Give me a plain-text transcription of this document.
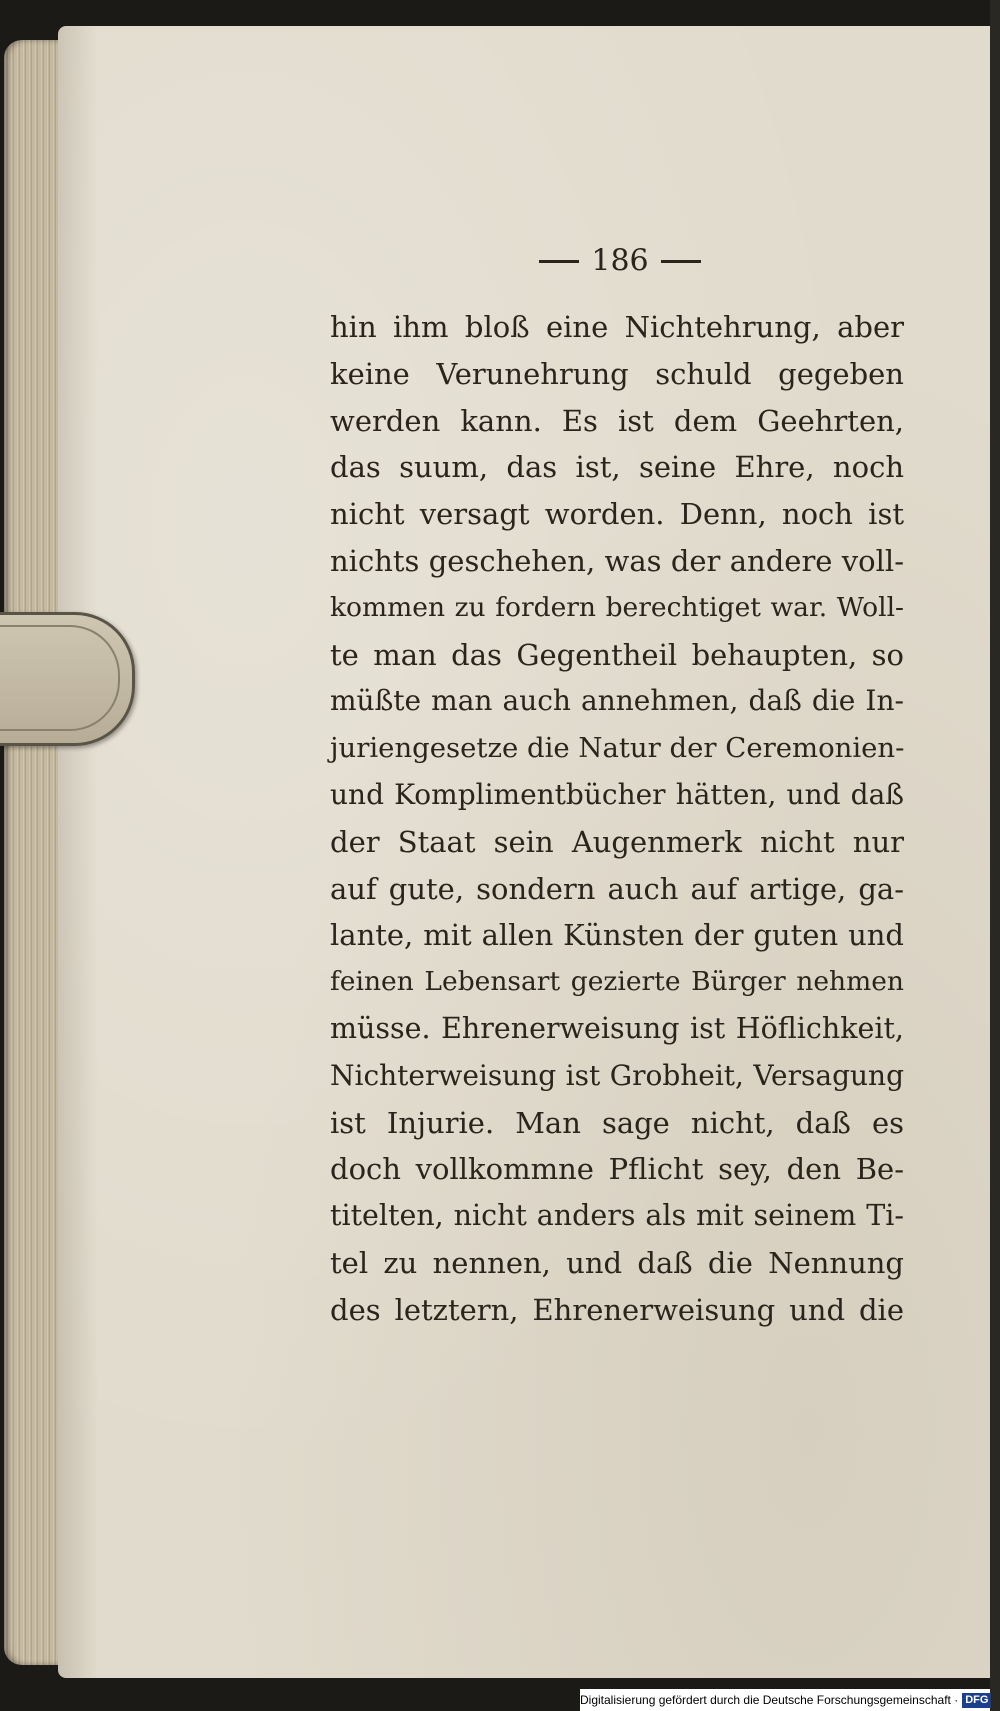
186
hin ihm bloß eine Nichtehrung, aber
keine Verunehrung schuld gegeben
werden kann. Es ist dem Geehrten,
das suum, das ist, seine Ehre, noch
nicht versagt worden. Denn, noch ist
nichts geschehen, was der andere voll-
kommen zu fordern berechtiget war. Woll-
te man das Gegentheil behaupten, so
müßte man auch annehmen, daß die In-
juriengesetze die Natur der Ceremonien-
und Komplimentbücher hätten, und daß
der Staat sein Augenmerk nicht nur
auf gute, sondern auch auf artige, ga-
lante, mit allen Künsten der guten und
feinen Lebensart gezierte Bürger nehmen
müsse. Ehrenerweisung ist Höflichkeit,
Nichterweisung ist Grobheit, Versagung
ist Injurie. Man sage nicht, daß es
doch vollkommne Pflicht sey, den Be-
titelten, nicht anders als mit seinem Ti-
tel zu nennen, und daß die Nennung
des letztern, Ehrenerweisung und die
Digitalisierung gefördert durch die Deutsche Forschungsgemeinschaft · DFG
